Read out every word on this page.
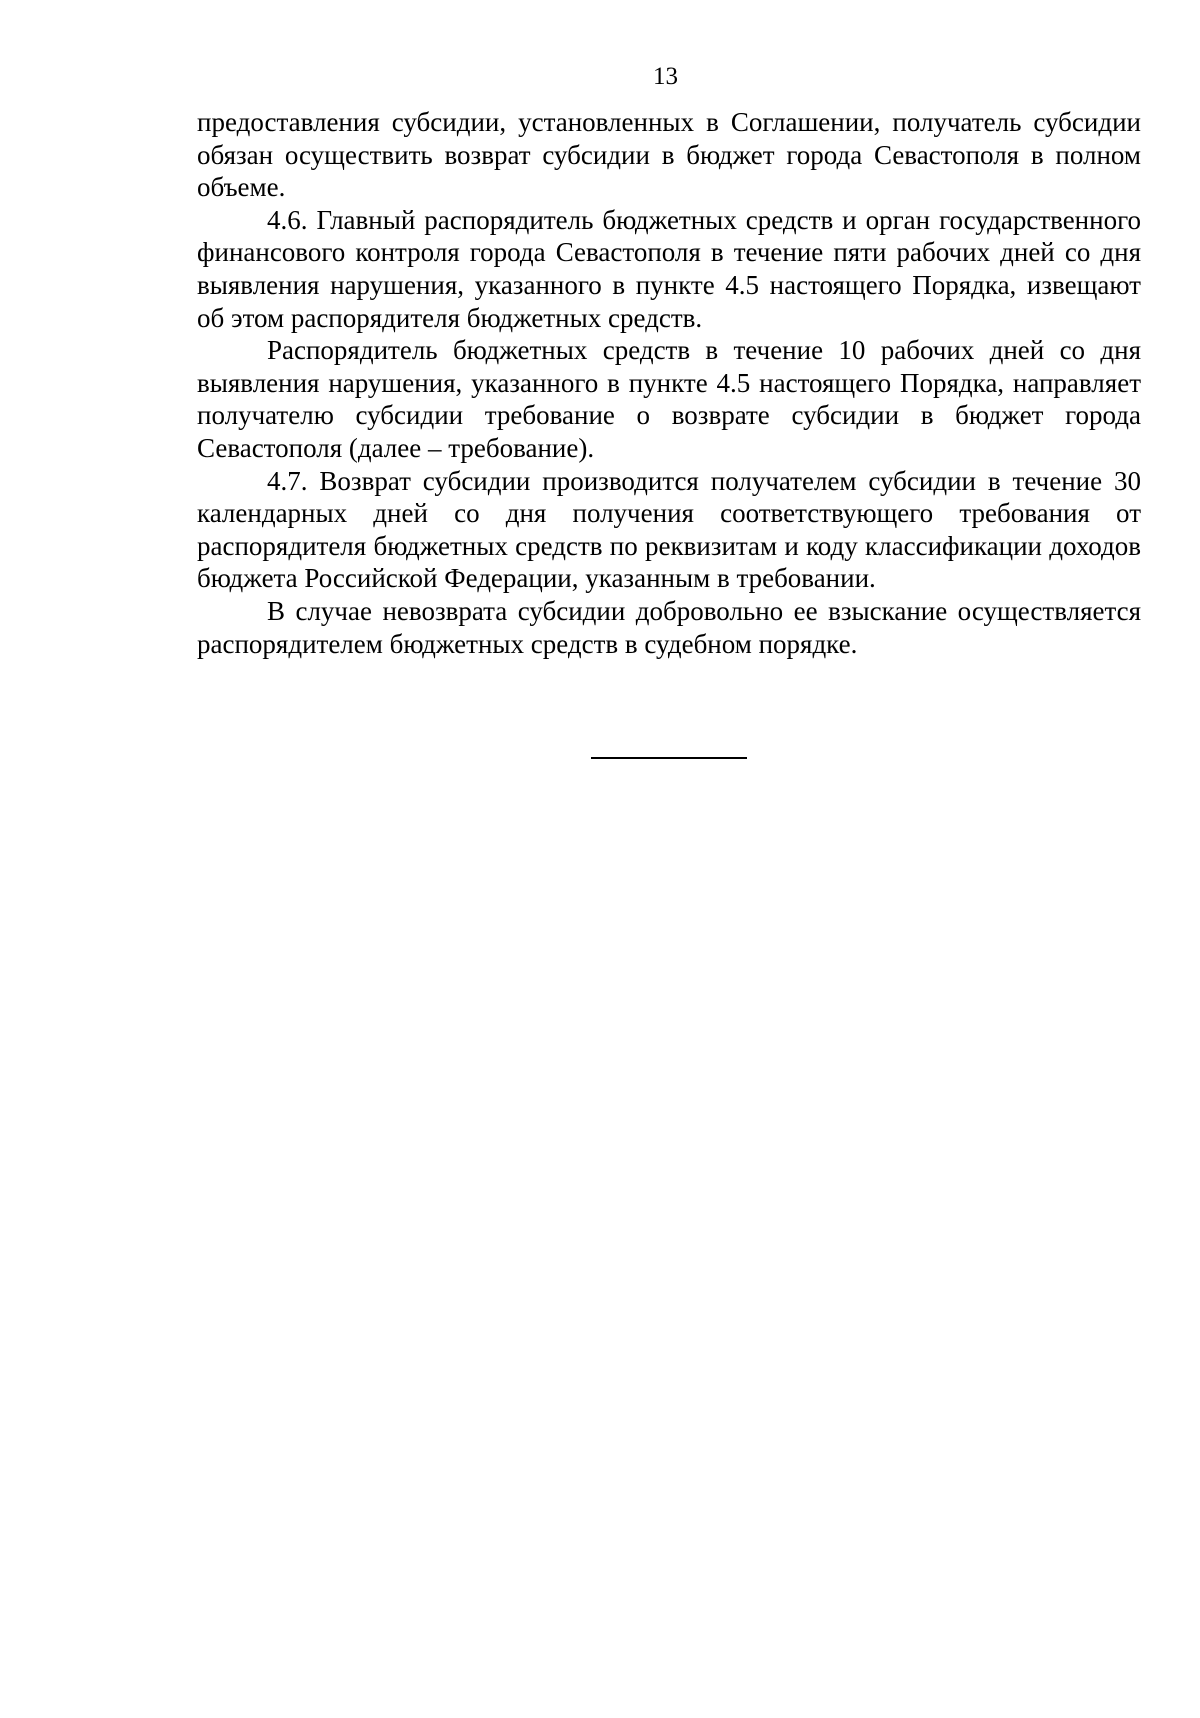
13

предоставления субсидии, установленных в Соглашении, получатель субсидии обязан осуществить возврат субсидии в бюджет города Севастополя в полном объеме.

4.6. Главный распорядитель бюджетных средств и орган государственного финансового контроля города Севастополя в течение пяти рабочих дней со дня выявления нарушения, указанного в пункте 4.5 настоящего Порядка, извещают об этом распорядителя бюджетных средств.

Распорядитель бюджетных средств в течение 10 рабочих дней со дня выявления нарушения, указанного в пункте 4.5 настоящего Порядка, направляет получателю субсидии требование о возврате субсидии в бюджет города Севастополя (далее – требование).

4.7. Возврат субсидии производится получателем субсидии в течение 30 календарных дней со дня получения соответствующего требования от распорядителя бюджетных средств по реквизитам и коду классификации доходов бюджета Российской Федерации, указанным в требовании.

В случае невозврата субсидии добровольно ее взыскание осуществляется распорядителем бюджетных средств в судебном порядке.
